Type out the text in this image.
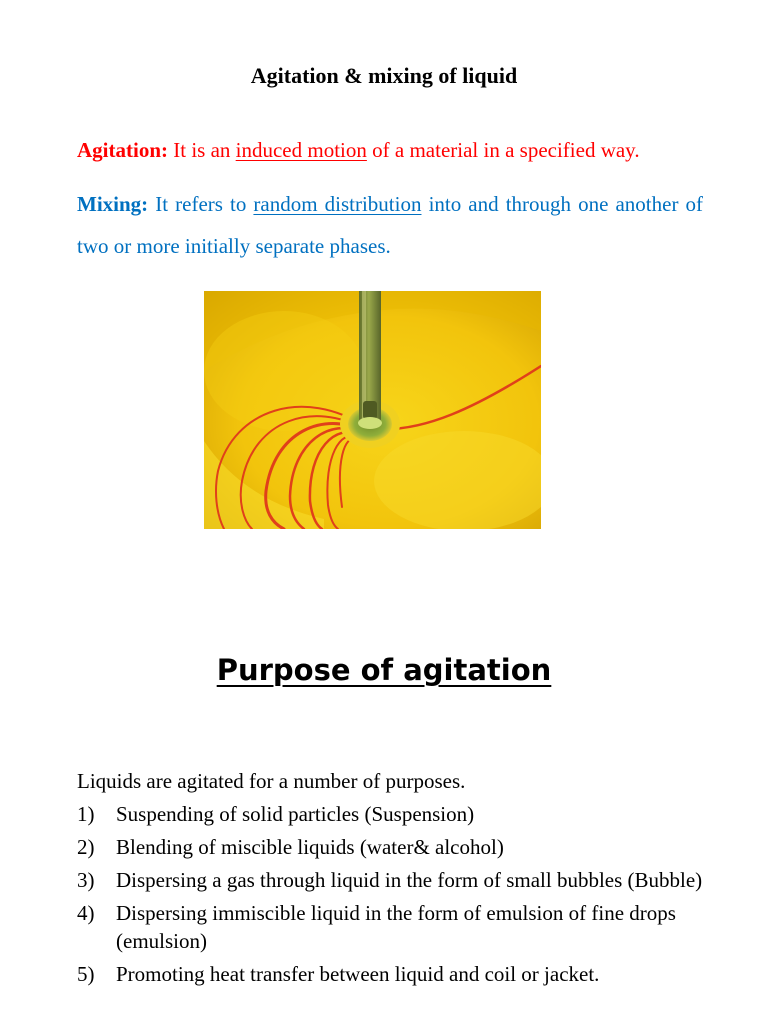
Agitation & mixing of liquid
Agitation: It is an induced motion of a material in a specified way.
Mixing: It refers to random distribution into and through one another of two or more initially separate phases.
Purpose of agitation
Liquids are agitated for a number of purposes.
1) Suspending of solid particles (Suspension)
2) Blending of miscible liquids (water& alcohol)
3) Dispersing a gas through liquid in the form of small bubbles (Bubble)
4) Dispersing immiscible liquid in the form of emulsion of fine drops (emulsion)
5) Promoting heat transfer between liquid and coil or jacket.
